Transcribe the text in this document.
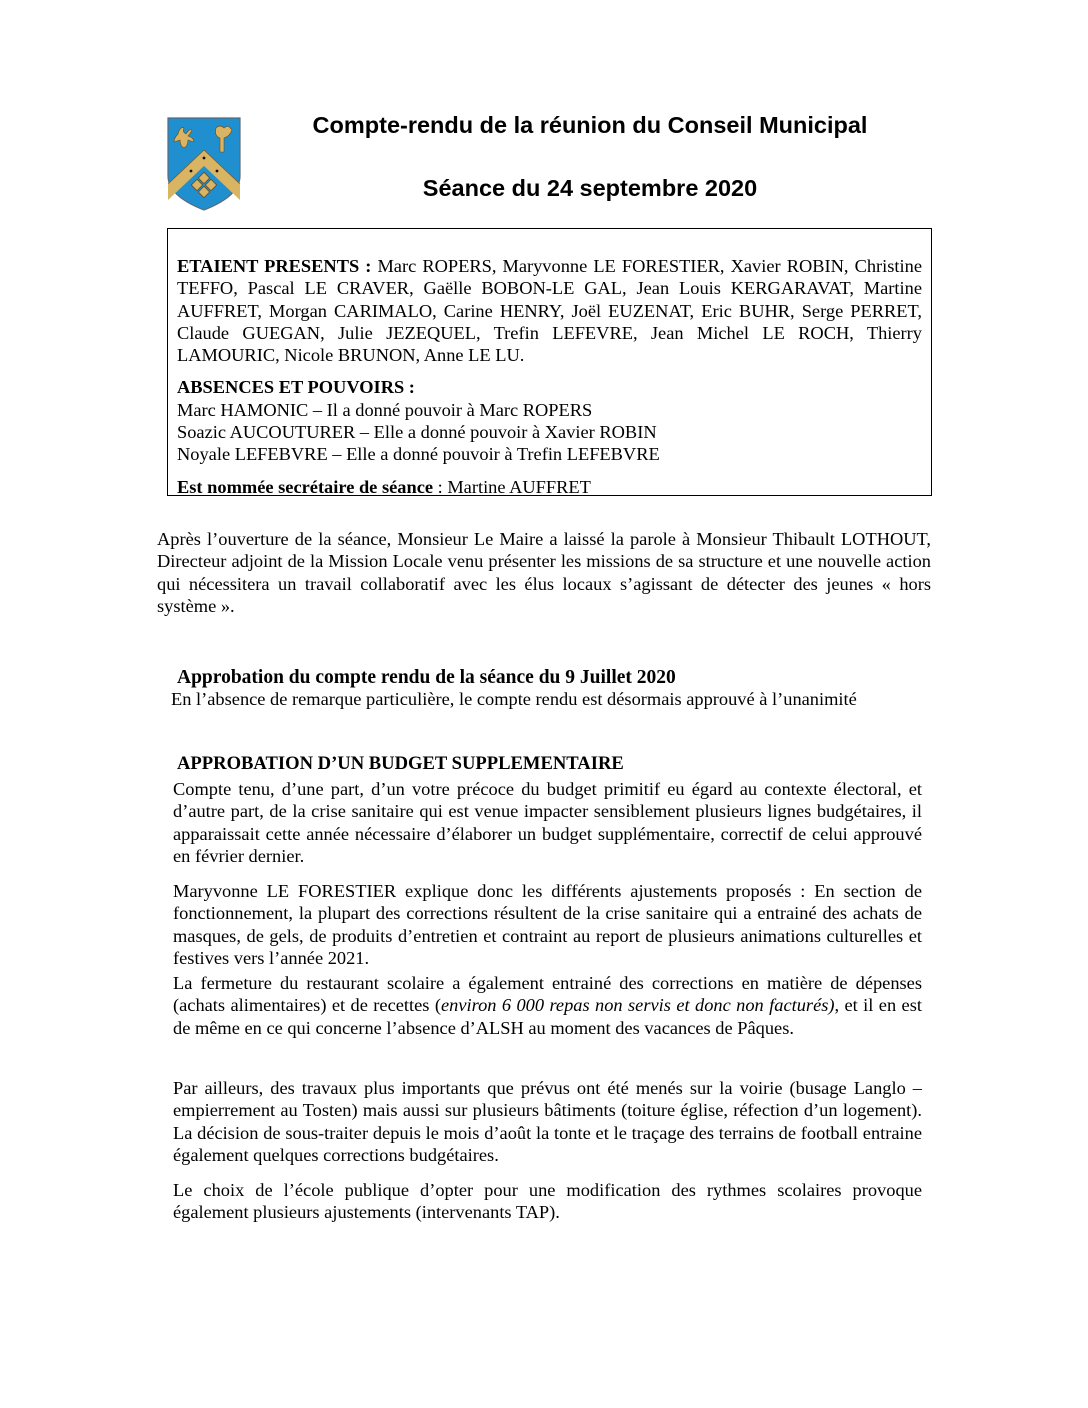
Compte-rendu de la réunion du Conseil Municipal
Séance du 24 septembre 2020

ETAIENT PRESENTS : Marc ROPERS, Maryvonne LE FORESTIER, Xavier ROBIN, Christine TEFFO, Pascal LE CRAVER, Gaëlle BOBON-LE GAL, Jean Louis KERGARAVAT, Martine AUFFRET, Morgan CARIMALO, Carine HENRY, Joël EUZENAT, Eric BUHR, Serge PERRET, Claude GUEGAN, Julie JEZEQUEL, Trefin LEFEVRE, Jean Michel LE ROCH, Thierry LAMOURIC, Nicole BRUNON, Anne LE LU.

ABSENCES ET POUVOIRS :

Marc HAMONIC – Il a donné pouvoir à Marc ROPERS

Soazic AUCOUTURER – Elle a donné pouvoir à Xavier ROBIN

Noyale LEFEBVRE – Elle a donné pouvoir à Trefin LEFEBVRE

Est nommée secrétaire de séance : Martine AUFFRET

Après l’ouverture de la séance, Monsieur Le Maire a laissé la parole à Monsieur Thibault LOTHOUT, Directeur adjoint de la Mission Locale venu présenter les missions de sa structure et une nouvelle action qui nécessitera un travail collaboratif avec les élus locaux s’agissant de détecter des jeunes « hors système ».

Approbation du compte rendu de la séance du 9 Juillet 2020
En l’absence de remarque particulière, le compte rendu est désormais approuvé à l’unanimité
APPROBATION D’UN BUDGET SUPPLEMENTAIRE

Compte tenu, d’une part, d’un votre précoce du budget primitif eu égard au contexte électoral, et d’autre part, de la crise sanitaire qui est venue impacter sensiblement plusieurs lignes budgétaires, il apparaissait cette année nécessaire d’élaborer un budget supplémentaire, correctif de celui approuvé en février dernier.

Maryvonne LE FORESTIER explique donc les différents ajustements proposés : En section de fonctionnement, la plupart des corrections résultent de la crise sanitaire qui a entrainé des achats de masques, de gels, de produits d’entretien et contraint au report de plusieurs animations culturelles et festives vers l’année 2021.

La fermeture du restaurant scolaire a également entrainé des corrections en matière de dépenses (achats alimentaires) et de recettes (environ 6 000 repas non servis et donc non facturés), et il en est de même en ce qui concerne l’absence d’ALSH au moment des vacances de Pâques.

Par ailleurs, des travaux plus importants que prévus ont été menés sur la voirie (busage Langlo – empierrement au Tosten) mais aussi sur plusieurs bâtiments (toiture église, réfection d’un logement). La décision de sous-traiter depuis le mois d’août la tonte et le traçage des terrains de football entraine également quelques corrections budgétaires.

Le choix de l’école publique d’opter pour une modification des rythmes scolaires provoque également plusieurs ajustements (intervenants TAP).
